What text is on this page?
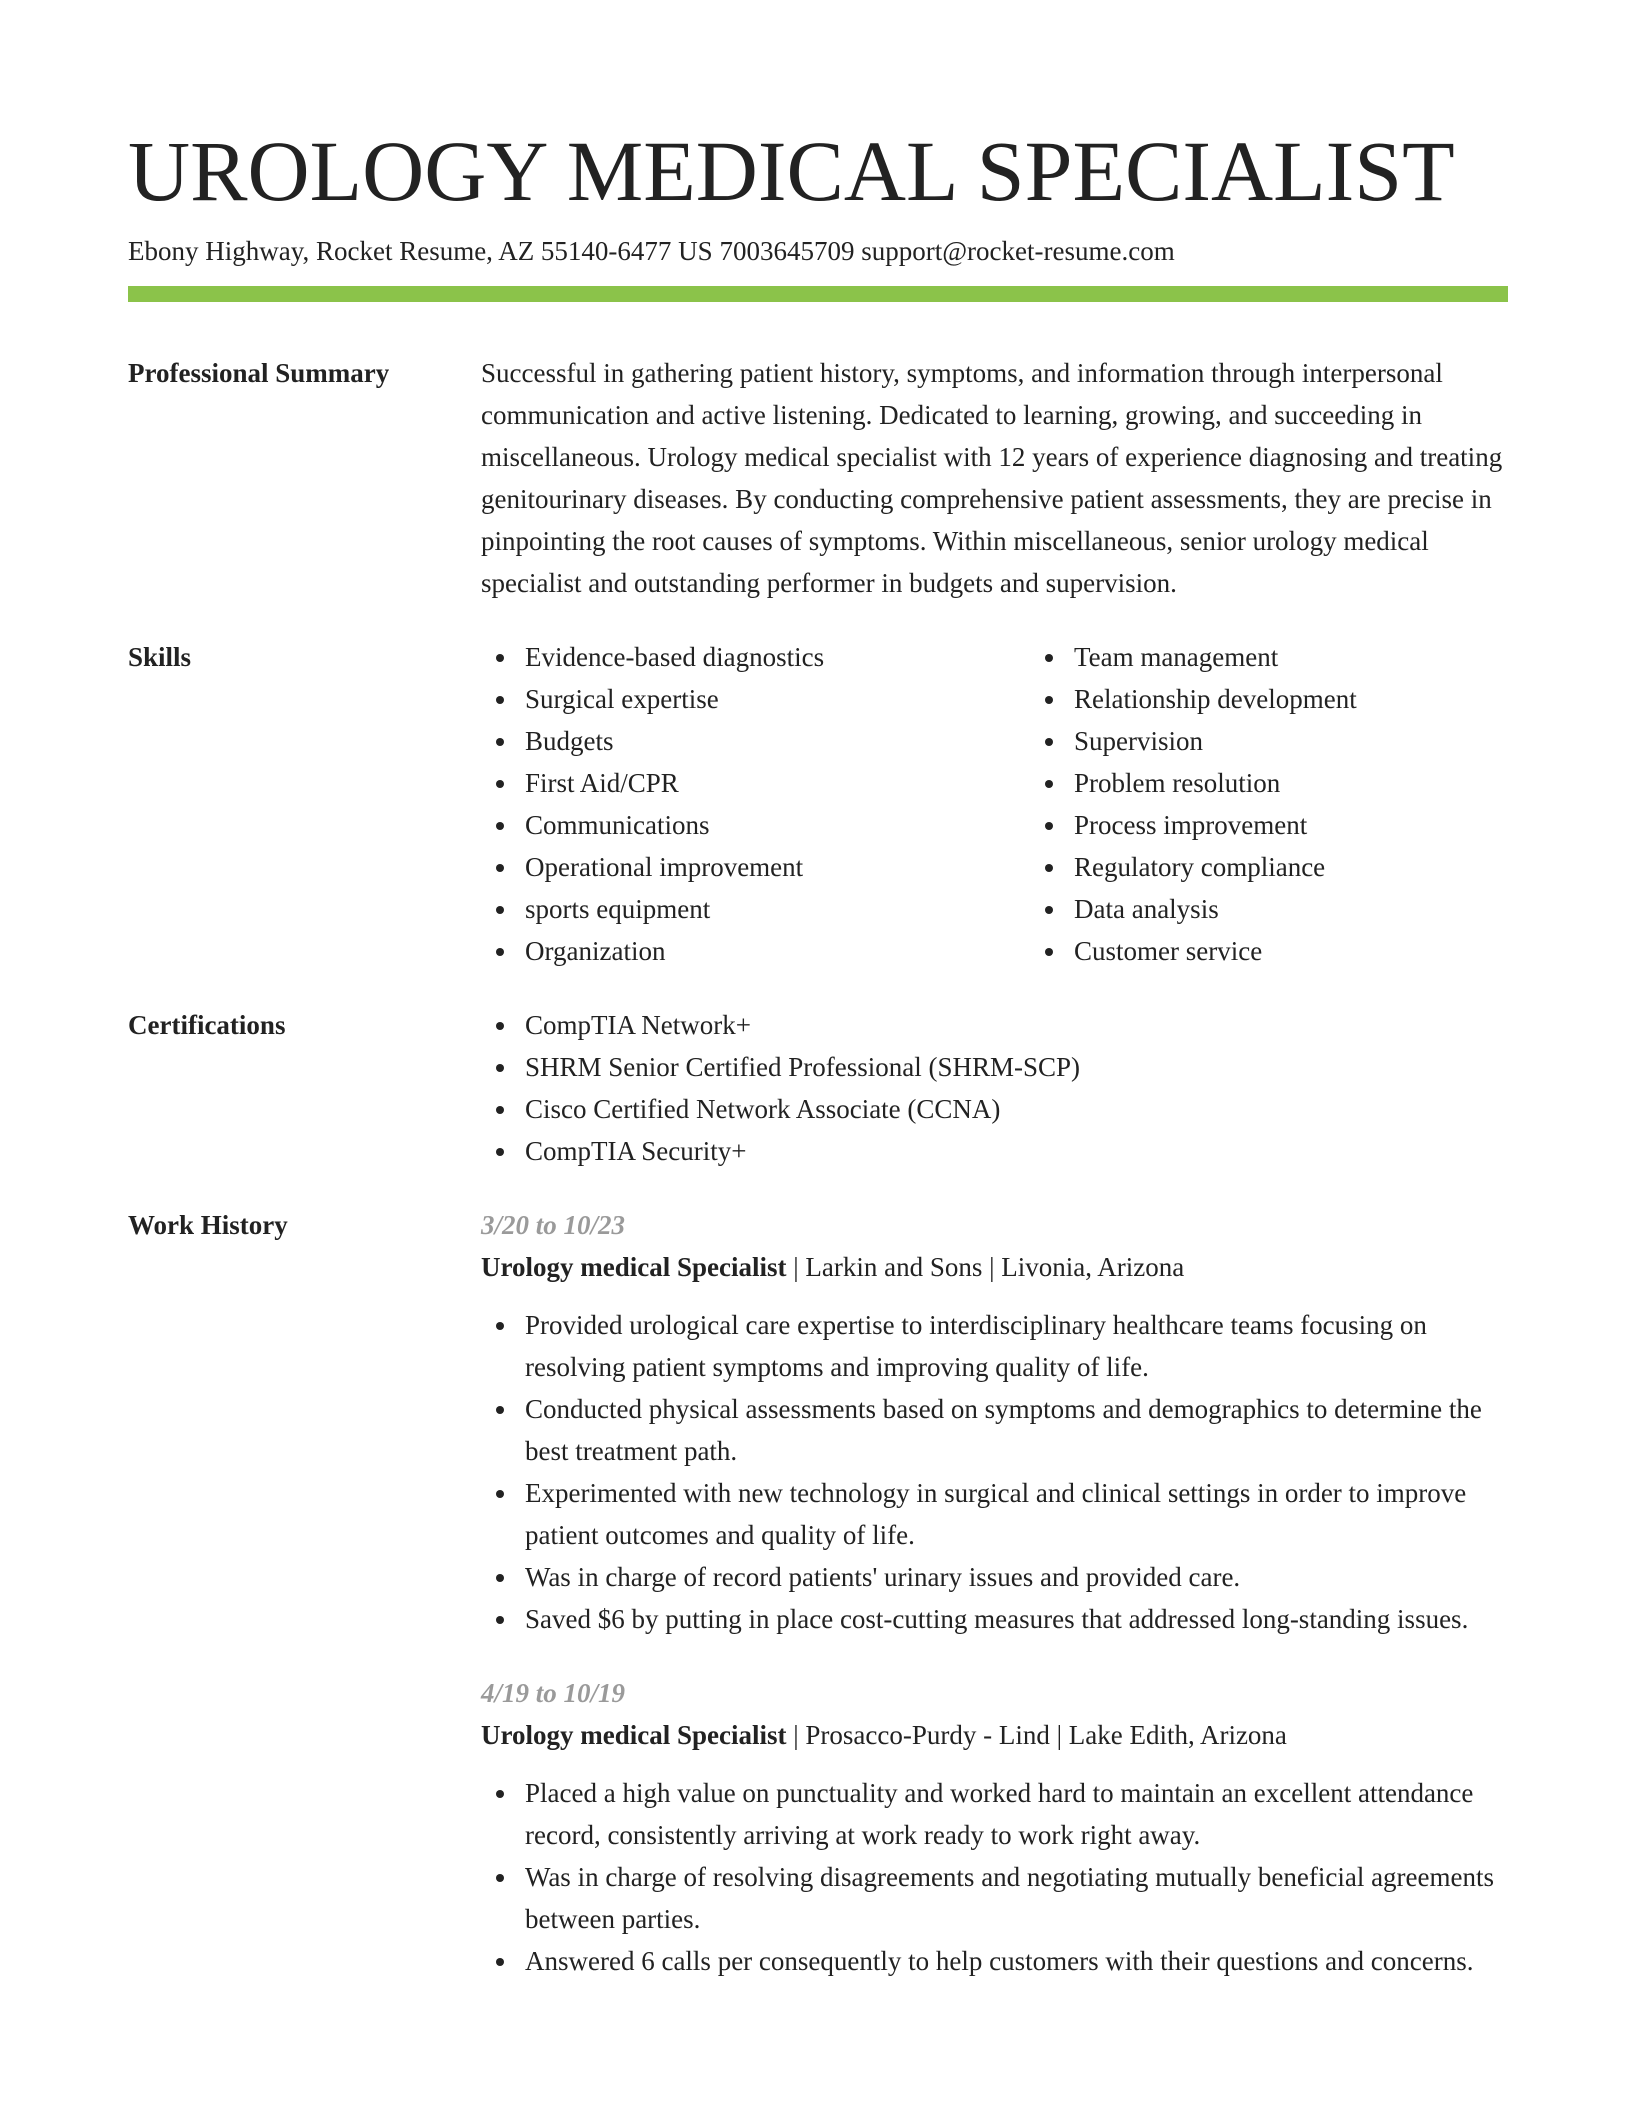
UROLOGY MEDICAL SPECIALIST
Ebony Highway, Rocket Resume, AZ 55140-6477 US 7003645709 support@rocket-resume.com
Professional Summary	Successful in gathering patient history, symptoms, and information through interpersonal communication and active listening. Dedicated to learning, growing, and succeeding in miscellaneous. Urology medical specialist with 12 years of experience diagnosing and treating genitourinary diseases. By conducting comprehensive patient assessments, they are precise in pinpointing the root causes of symptoms. Within miscellaneous, senior urology medical specialist and outstanding performer in budgets and supervision.
Skills	Evidence-based diagnostics
Surgical expertise
Budgets
First Aid/CPR
Communications
Operational improvement
sports equipment
Organization
Team management
Relationship development
Supervision
Problem resolution
Process improvement
Regulatory compliance
Data analysis
Customer service
Certifications	CompTIA Network+
SHRM Senior Certified Professional (SHRM-SCP)
Cisco Certified Network Associate (CCNA)
CompTIA Security+
Work History	3/20 to 10/23
Urology medical Specialist | Larkin and Sons | Livonia, Arizona
Provided urological care expertise to interdisciplinary healthcare teams focusing on resolving patient symptoms and improving quality of life.
Conducted physical assessments based on symptoms and demographics to determine the best treatment path.
Experimented with new technology in surgical and clinical settings in order to improve patient outcomes and quality of life.
Was in charge of record patients' urinary issues and provided care.
Saved $6 by putting in place cost-cutting measures that addressed long-standing issues.
4/19 to 10/19
Urology medical Specialist | Prosacco-Purdy - Lind | Lake Edith, Arizona
Placed a high value on punctuality and worked hard to maintain an excellent attendance record, consistently arriving at work ready to work right away.
Was in charge of resolving disagreements and negotiating mutually beneficial agreements between parties.
Answered 6 calls per consequently to help customers with their questions and concerns.
